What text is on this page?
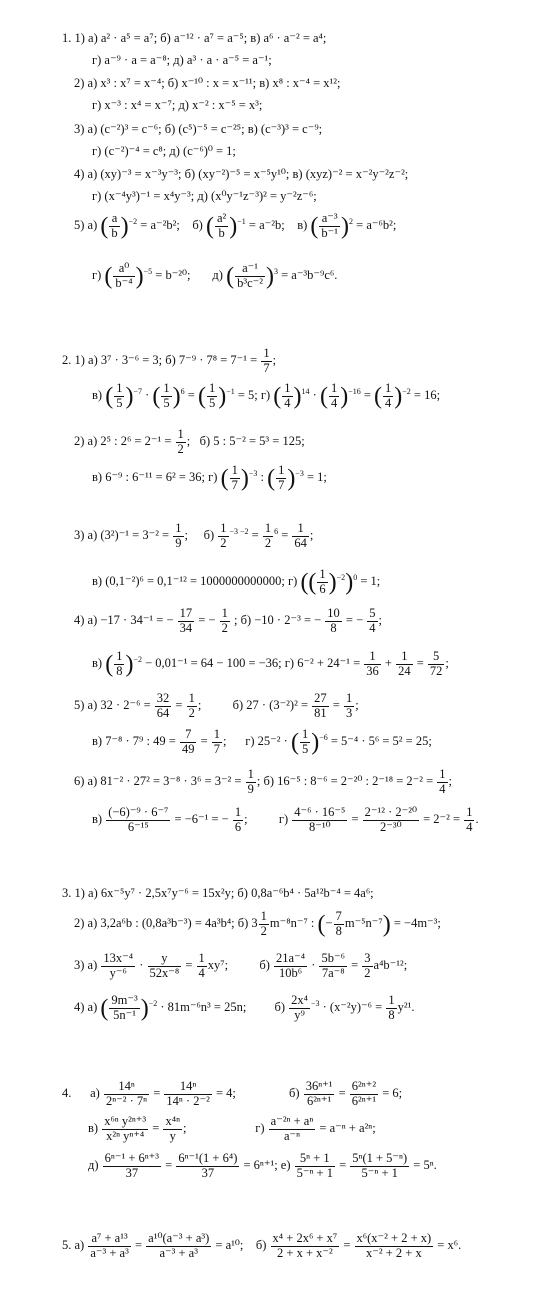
1. 1) а) a² · a⁵ = a⁷; б) a⁻¹² · a⁷ = a⁻⁵; в) a⁶ · a⁻² = a⁴;
г) a⁻⁹ · a = a⁻⁸; д) a³ · a · a⁻⁵ = a⁻¹;
2) а) x³ : x⁷ = x⁻⁴; б) x⁻¹⁰ : x = x⁻¹¹; в) x⁸ : x⁻⁴ = x¹²;
г) x⁻³ : x⁴ = x⁻⁷; д) x⁻² : x⁻⁵ = x³;
3) а) (c⁻²)³ = c⁻⁶; б) (c⁵)⁻⁵ = c⁻²⁵; в) (c⁻³)³ = c⁻⁹;
г) (c⁻²)⁻⁴ = c⁸; д) (c⁻⁶)⁰ = 1;
4) а) (xy)⁻³ = x⁻³y⁻³; б) (xy⁻²)⁻⁵ = x⁻⁵y¹⁰; в) (xyz)⁻² = x⁻²y⁻²z⁻²;
г) (x⁻⁴y³)⁻¹ = x⁴y⁻³; д) (x⁰y⁻¹z⁻³)² = y⁻²z⁻⁶;
5) а) ( $\frac{a}{b} )^{-2} = a^{-2}b^2$; б) ( $\frac{\text{a²}}{b} )^{-1} = a^{-2}b$; в) ( $\frac{\text{a⁻³}}{\text{b⁻¹}} )^2 = a^{-6}b^2$;
г) ( $\frac{\text{a⁰}}{\text{b⁻⁴}} )^{-5} = b^{-20}$; д) ( $\frac{\text{a⁻¹}}{\text{b³c⁻²}} )^3 = a^{-3}b^{-9}c^6$.
2. 1) а) 3⁷ · 3⁻⁶ = 3; б) $7^{-9} \cdot 7^8 = 7^{-1} = \frac{1}{7}$ ;
в) ( $\frac{1}{5} )^{-7}$ · ( $\frac{1}{5} )^6$ = ( $\frac{1}{5} )^{-1} = 5$; г) ( $\frac{1}{4} )^{14}$ · ( $\frac{1}{4} )^{-16}$ = ( $\frac{1}{4} )^{-2} = 16$;
2) а) 2⁵ : $2^6 = 2^{-1} = \frac{1}{2}$ ;   б) 5 : 5⁻² = 5³ = 125;
в) 6⁻⁹ : 6⁻¹¹ = 6² = 36; г) ( $\frac{1}{7} )^{-3}$ : ( $\frac{1}{7} )^{-3} = 1$;
3) а) $(3^2)^{-1} = 3^{-2} = \frac{1}{9}$ ;     $б) \frac{1}{2} ^{-3 -2} = \frac{1}{2} ^6 = \frac{1}{64}$ ;
в) (0,1⁻²)⁶ = 0,1⁻¹² = 1000000000000; г) (( $\frac{1}{6} )^{-2})^0 = 1$;
4) а) −17 · 34⁻¹ = − $\frac{17}{34}$ = − $\frac{1}{2}$ ; б) −10 · 2⁻³ = − $\frac{10}{8}$ = − $\frac{5}{4}$ ;
в) ( $\frac{1}{8} )^{-2} - 0,01^{-1} = 64 - 100 = -36$; г) $6^{-2} + 24^{-1} = \frac{1}{36} + \frac{1}{24} = \frac{5}{72}$ ;
5) а) $32 \cdot 2^{-6} = \frac{32}{64} = \frac{1}{2}$ ;          б) $27 \cdot (3^{-2})^2 = \frac{27}{81} = \frac{1}{3}$ ;
в) 7⁻⁸ · 7⁹ : $49 = \frac{7}{49} = \frac{1}{7}$ ;      г) 25⁻² · ( $\frac{1}{5} )^{-6} = 5^{-4} \cdot 5^6 = 5^2 = 25$;
6) а) $81^{-2} \cdot 27^2 = 3^{-8} \cdot 3^6 = 3^{-2} = \frac{1}{9}$ ; б) 16⁻⁵ : 8⁻⁶ = 2⁻²⁰ : $2^{-18} = 2^{-2} = \frac{1}{4}$ ;
$в) \frac{\text{(−6)⁻⁹ · 6⁻⁷}}{\text{6⁻¹⁵}} = -6^{-1}$ = − $\frac{1}{6}$ ;          $г) \frac{\text{4⁻⁶ · 16⁻⁵}}{\text{8⁻¹⁰}} = \frac{\text{2⁻¹² · 2⁻²⁰}}{\text{2⁻³⁰}} = 2^{-2} = \frac{1}{4}$ .
3. 1) а) 6x⁻⁵y⁷ · 2,5x⁷y⁻⁶ = 15x²y; б) 0,8a⁻⁶b⁴ · 5a¹²b⁻⁴ = 4a⁶;
2) а) 3,2a⁶b : (0,8a³b⁻³) = 4a³b⁴; б) $3 \frac{1}{2} m^{-8}n^{-7}$ : (− $\frac{7}{8} m^{-5}n^{-7}) = -4m^{-3}$;
3) $а) \frac{\text{13x⁻⁴}}{\text{y⁻⁶}} \cdot \frac{y}{\text{52x⁻⁸}} = \frac{1}{4} xy^7$;	$б) \frac{\text{21a⁻⁴}}{\text{10b⁶}} \cdot \frac{\text{5b⁻⁶}}{\text{7a⁻⁸}} = \frac{3}{2} a^4b^{-12}$;
4) а) ( $\frac{\text{9m⁻³}}{\text{5n⁻¹}} )^{-2} \cdot 81m^{-6}n^3 = 25n$; $б) \frac{\text{2x⁴}}{\text{y⁹}} ^{-3} \cdot (x^{-2}y)^{-6} = \frac{1}{8} y^{21}$.
4. $а) \frac{\text{14ⁿ}}{\text{2ⁿ⁻² · 7ⁿ}} = \frac{\text{14ⁿ}}{\text{14ⁿ · 2⁻²}} = 4$;	$б) \frac{\text{36ⁿ⁺¹}}{\text{6²ⁿ⁺¹}} = \frac{\text{6²ⁿ⁺²}}{\text{6²ⁿ⁺¹}} = 6$;
$в) \frac{\text{x⁶ⁿ y²ⁿ⁺³}}{\text{x²ⁿ yⁿ⁺⁴}} = \frac{\text{x⁴ⁿ}}{y}$ ;                      $г) \frac{\text{a⁻²ⁿ + aⁿ}}{\text{a⁻ⁿ}} = a^{-n} + a^{2n}$;
$д) \frac{\text{6ⁿ⁻¹ + 6ⁿ⁺³}}{37} = \frac{\text{6ⁿ⁻¹(1 + 6⁴)}}{37} = 6^{n+1}$; $е) \frac{\text{5ⁿ + 1}}{\text{5⁻ⁿ + 1}} = \frac{\text{5ⁿ(1 + 5⁻ⁿ)}}{\text{5⁻ⁿ + 1}} = 5^n$.
5. $а) \frac{\text{a⁷ + a¹³}}{\text{a⁻³ + a³}} = \frac{\text{a¹⁰(a⁻³ + a³)}}{\text{a⁻³ + a³}} = a^{10}$; $б) \frac{\text{x⁴ + 2x⁶ + x⁷}}{\text{2 + x + x⁻²}} = \frac{\text{x⁶(x⁻² + 2 + x)}}{\text{x⁻² + 2 + x}} = x^6$.
